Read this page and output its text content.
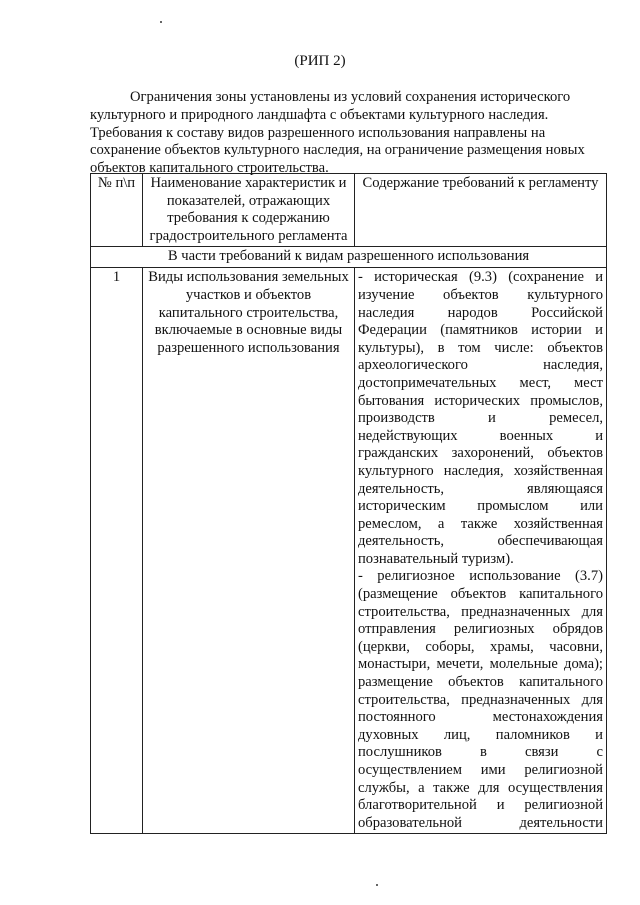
(РИП 2)
Ограничения зоны установлены из условий сохранения исторического
культурного и природного ландшафта с объектами культурного наследия.
Требования к составу видов разрешенного использования направлены на
сохранение объектов культурного наследия, на ограничение размещения новых
объектов капитального строительства.
№ п\п	Наименование характеристик и показателей, отражающих требования к содержанию градостроительного регламента	Содержание требований к регламенту
В части требований к видам разрешенного использования		
1	Виды использования земельных участков и объектов капитального строительства, включаемые в основные виды разрешенного использования	- историческая (9.3) (сохранение и изучение объектов культурного наследия народов Российской Федерации (памятников истории и культуры), в том числе: объектов археологического наследия, достопримечательных мест, мест бытования исторических промыслов, производств и ремесел, недействующих военных и гражданских захоронений, объектов культурного наследия, хозяйственная деятельность, являющаяся историческим промыслом или ремеслом, а также хозяйственная деятельность, обеспечивающая познавательный туризм).
- религиозное использование (3.7) (размещение объектов капитального строительства, предназначенных для отправления религиозных обрядов (церкви, соборы, храмы, часовни, монастыри, мечети, молельные дома); размещение объектов капитального строительства, предназначенных для постоянного местонахождения духовных лиц, паломников и послушников в связи с осуществлением ими религиозной службы, а также для осуществления благотворительной и религиозной образовательной деятельности
